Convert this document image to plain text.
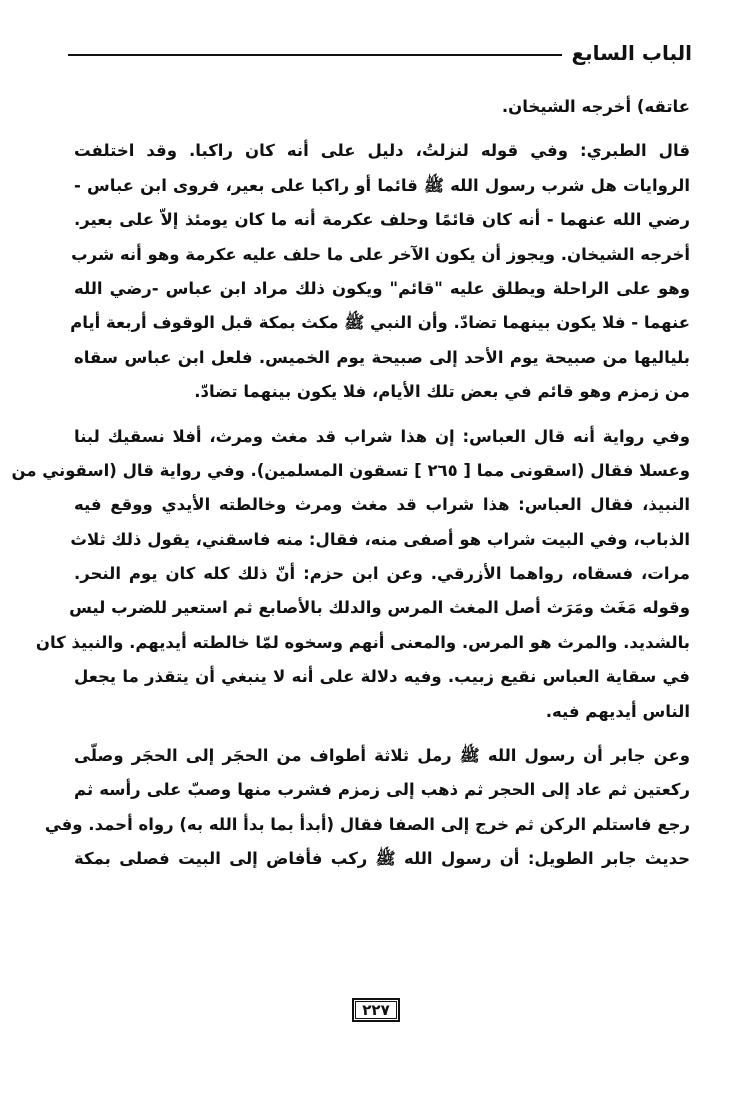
الباب السابع
عاتقه) أخرجه الشيخان.
قال الطبري: وفي قوله لنزلتُ، دليل على أنه كان راكبا. وقد اختلفت
الروايات هل شرب رسول الله ﷺ قائما أو راكبا على بعير، فروى ابن عباس -
رضي الله عنهما - أنه كان قائمًا وحلف عكرمة أنه ما كان يومئذ إلاّ على بعير.
أخرجه الشيخان. ويجوز أن يكون الآخر على ما حلف عليه عكرمة وهو أنه شرب
وهو على الراحلة ويطلق عليه "قائم" ويكون ذلك مراد ابن عباس -رضي الله
عنهما - فلا يكون بينهما تضادّ. وأن النبي ﷺ مكث بمكة قبل الوقوف أربعة أيام
بلياليها من صبيحة يوم الأحد إلى صبيحة يوم الخميس. فلعل ابن عباس سقاه
من زمزم وهو قائم في بعض تلك الأيام، فلا يكون بينهما تضادّ.
وفي رواية أنه قال العباس: إن هذا شراب قد مغث ومرث، أفلا نسقيك لبنا
وعسلا فقال (اسقونى مما [ ٢٦٥ ] تسقون المسلمين). وفي رواية قال (اسقوني من
النبيذ، فقال العباس: هذا شراب قد مغث ومرث وخالطته الأيدي ووقع فيه
الذباب، وفي البيت شراب هو أصفى منه، فقال: منه فاسقني، يقول ذلك ثلاث
مرات، فسقاه، رواهما الأزرقي. وعن ابن حزم: أنّ ذلك كله كان يوم النحر.
وقوله مَغَث ومَرَث أصل المغث المرس والدلك بالأصابع ثم استعير للضرب ليس
بالشديد. والمرث هو المرس. والمعنى أنهم وسخوه لمّا خالطته أيديهم. والنبيذ كان
في سقاية العباس نقيع زبيب. وفيه دلالة على أنه لا ينبغي أن يتقذر ما يجعل
الناس أيديهم فيه.
وعن جابر أن رسول الله ﷺ رمل ثلاثة أطواف من الحجَر إلى الحجَر وصلّى
ركعتين ثم عاد إلى الحجر ثم ذهب إلى زمزم فشرب منها وصبّ على رأسه ثم
رجع فاستلم الركن ثم خرج إلى الصفا فقال (أبدأ بما بدأ الله به) رواه أحمد. وفي
حديث جابر الطويل: أن رسول الله ﷺ ركب فأفاض إلى البيت فصلى بمكة
٢٢٧
